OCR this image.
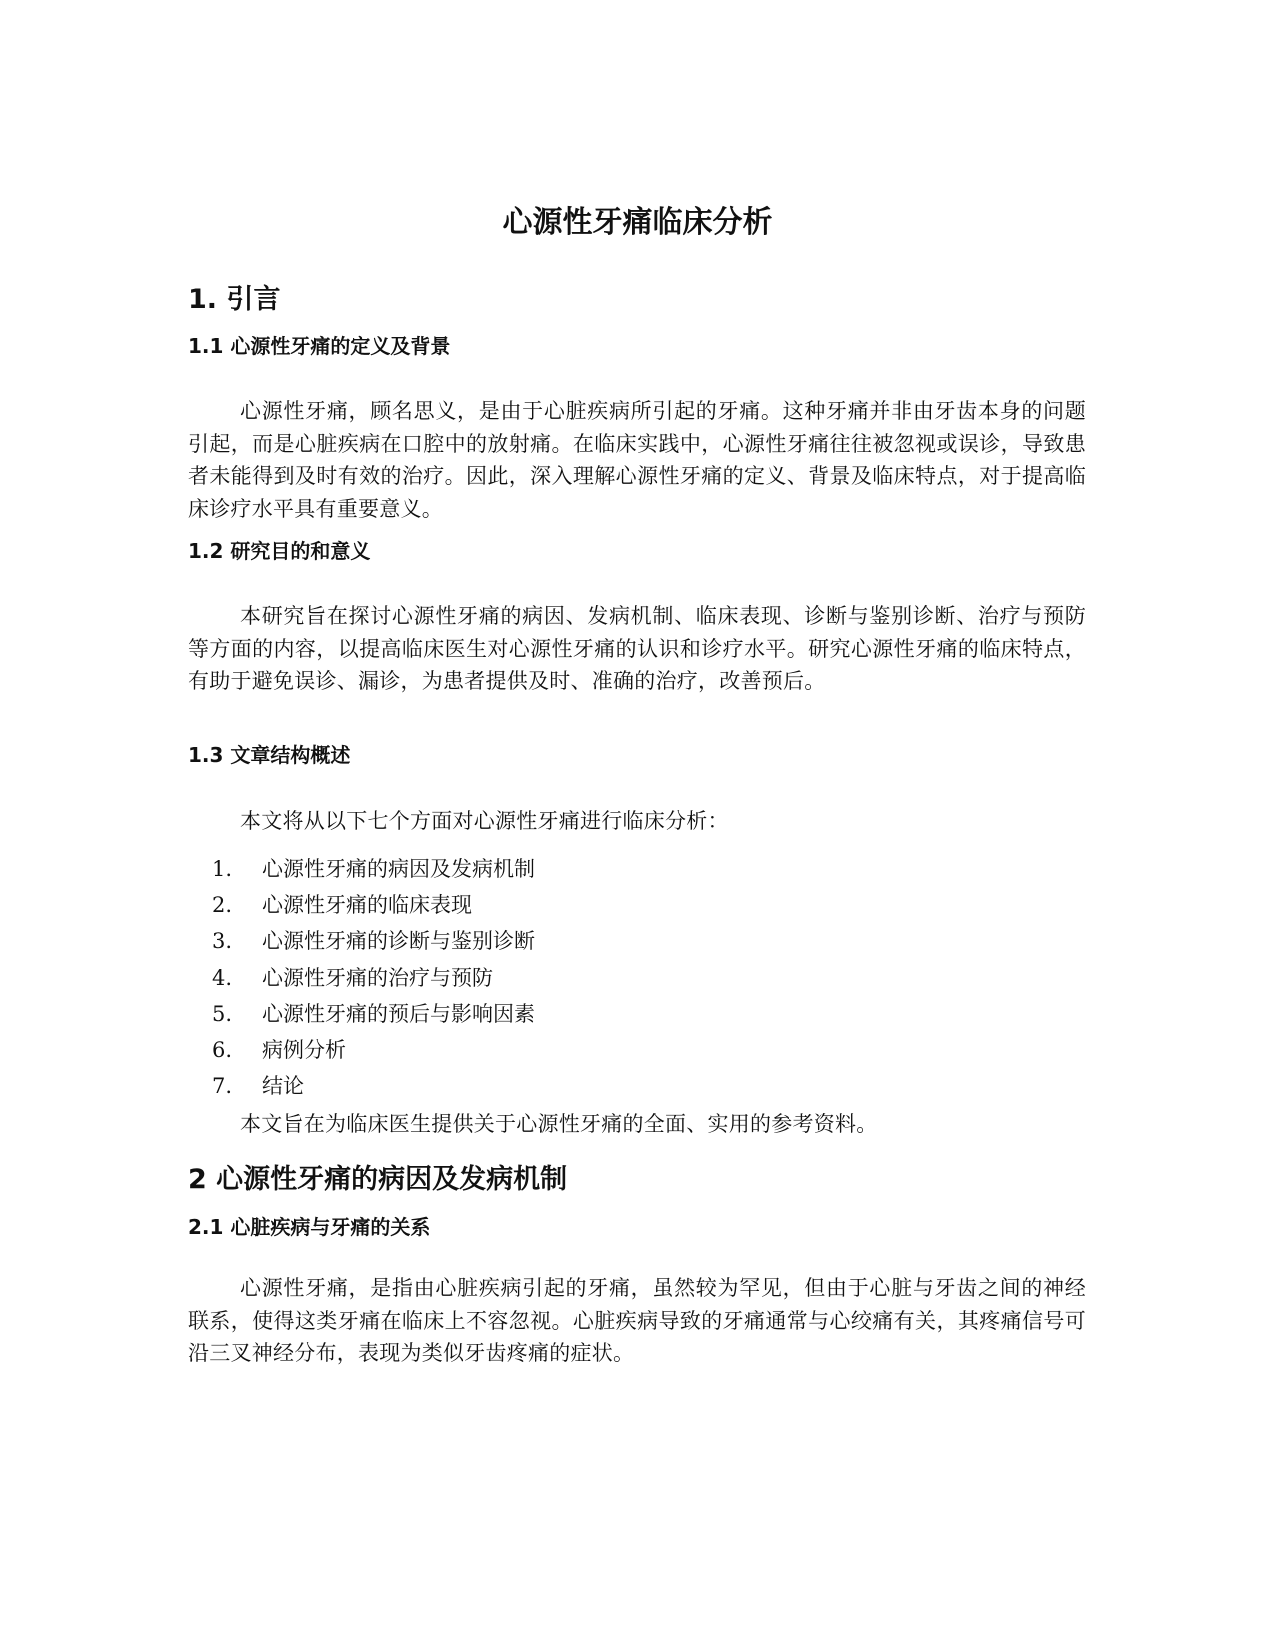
心源性牙痛临床分析
1. 引言
1.1 心源性牙痛的定义及背景

心源性牙痛，顾名思义，是由于心脏疾病所引起的牙痛。这种牙痛并非由牙齿本身的问题引起，而是心脏疾病在口腔中的放射痛。在临床实践中，心源性牙痛往往被忽视或误诊，导致患者未能得到及时有效的治疗。因此，深入理解心源性牙痛的定义、背景及临床特点，对于提高临床诊疗水平具有重要意义。

1.2 研究目的和意义

本研究旨在探讨心源性牙痛的病因、发病机制、临床表现、诊断与鉴别诊断、治疗与预防等方面的内容，以提高临床医生对心源性牙痛的认识和诊疗水平。研究心源性牙痛的临床特点，有助于避免误诊、漏诊，为患者提供及时、准确的治疗，改善预后。

1.3 文章结构概述

本文将从以下七个方面对心源性牙痛进行临床分析：

1.	心源性牙痛的病因及发病机制
2.	心源性牙痛的临床表现
3.	心源性牙痛的诊断与鉴别诊断
4.	心源性牙痛的治疗与预防
5.	心源性牙痛的预后与影响因素
6.	病例分析
7.	结论

本文旨在为临床医生提供关于心源性牙痛的全面、实用的参考资料。

2 心源性牙痛的病因及发病机制
2.1 心脏疾病与牙痛的关系

心源性牙痛，是指由心脏疾病引起的牙痛，虽然较为罕见，但由于心脏与牙齿之间的神经联系，使得这类牙痛在临床上不容忽视。心脏疾病导致的牙痛通常与心绞痛有关，其疼痛信号可沿三叉神经分布，表现为类似牙齿疼痛的症状。
